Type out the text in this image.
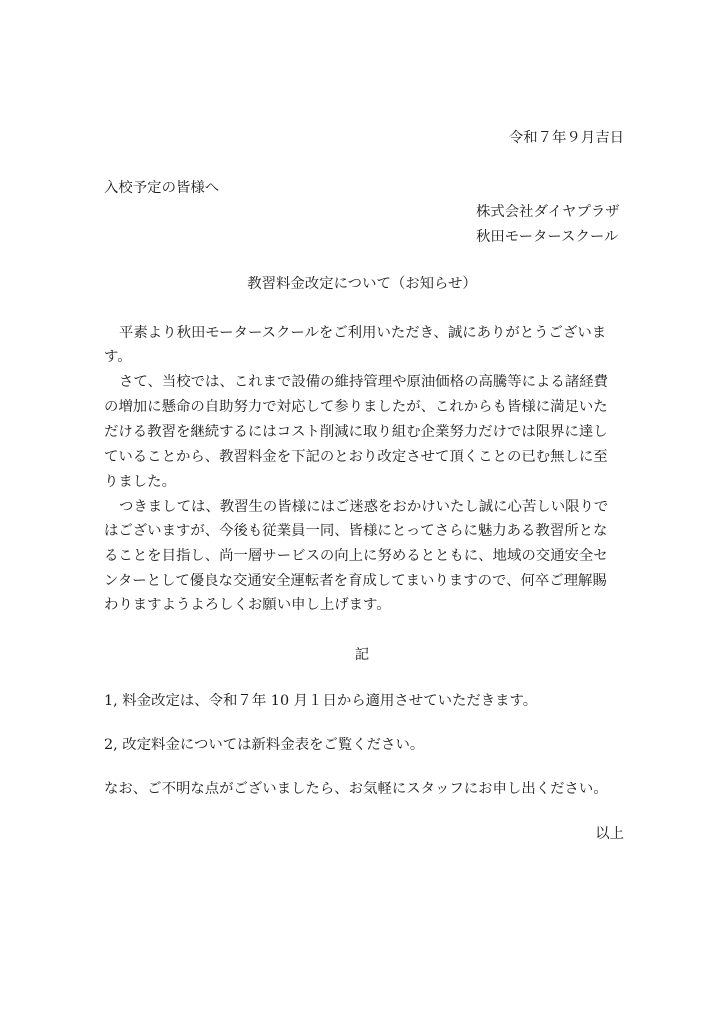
令和７年９月吉日
入校予定の皆様へ
株式会社ダイヤプラザ
秋田モータースクール
教習料金改定について（お知らせ）
平素より秋田モータースクールをご利用いただき、誠にありがとうございま
す。
さて、当校では、これまで設備の維持管理や原油価格の高騰等による諸経費
の増加に懸命の自助努力で対応して参りましたが、これからも皆様に満足いた
だける教習を継続するにはコスト削減に取り組む企業努力だけでは限界に達し
ていることから、教習料金を下記のとおり改定させて頂くことの已む無しに至
りました。
つきましては、教習生の皆様にはご迷惑をおかけいたし誠に心苦しい限りで
はございますが、今後も従業員一同、皆様にとってさらに魅力ある教習所とな
ることを目指し、尚一層サービスの向上に努めるとともに、地域の交通安全セ
ンターとして優良な交通安全運転者を育成してまいりますので、何卒ご理解賜
わりますようよろしくお願い申し上げます。
記
1, 料金改定は、令和７年 10 月１日から適用させていただきます。
2, 改定料金については新料金表をご覧ください。
なお、ご不明な点がございましたら、お気軽にスタッフにお申し出ください。
以上
